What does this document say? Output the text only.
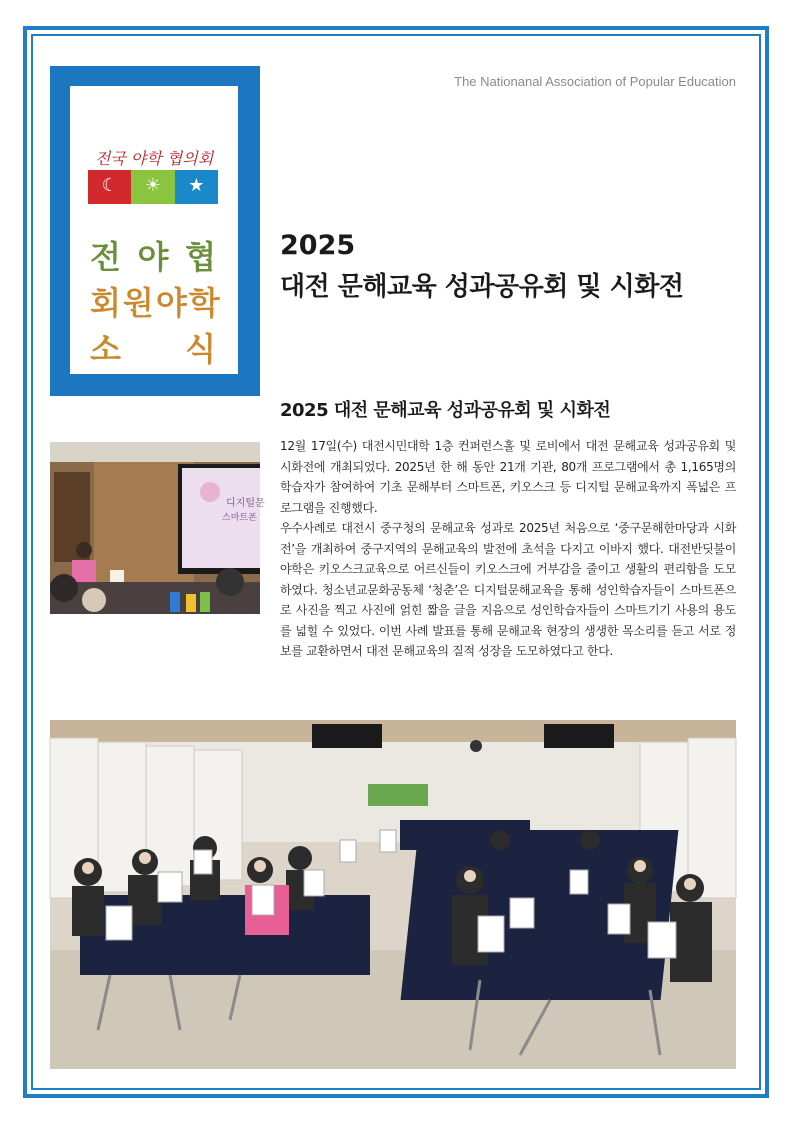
전국 야학 협의회
☾	☀	★
전 야 협
회 원 야 학
소 식
The Nationanal Association of Popular Education
2025
대전 문해교육 성과공유회 및 시화전
2025 대전 문해교육 성과공유회 및 시화전
디지털문
스마트폰

12월 17일(수) 대전시민대학 1층 컨퍼런스홀 및 로비에서 대전 문해교육 성과공유회 및 시화전에 개최되었다. 2025년 한 해 동안 21개 기관, 80개 프로그램에서 총 1,165명의 학습자가 참여하여 기초 문해부터 스마트폰, 키오스크 등 디지털 문해교육까지 폭넓은 프로그램을 진행했다.

우수사례로 대전시 중구청의 문해교육 성과로 2025년 처음으로 ‘중구문해한마당과 시화전’을 개최하여 중구지역의 문해교육의 발전에 초석을 다지고 이바지 했다. 대전반딧불이야학은 키오스크교육으로 어르신들이 키오스크에 거부감을 줄이고 생활의 편리함을 도모하였다. 청소년교문화공동체 ‘청춘’은 디지털문해교육을 통해 성인학습자들이 스마트폰으로 사진을 찍고 사진에 얽힌 짧을 글을 지음으로 성인학습자들이 스마트기기 사용의 용도를 넓힐 수 있었다. 이번 사례 발표를 통해 문해교육 현장의 생생한 목소리를 듣고 서로 정보를 교환하면서 대전 문해교육의 질적 성장을 도모하였다고 한다.
